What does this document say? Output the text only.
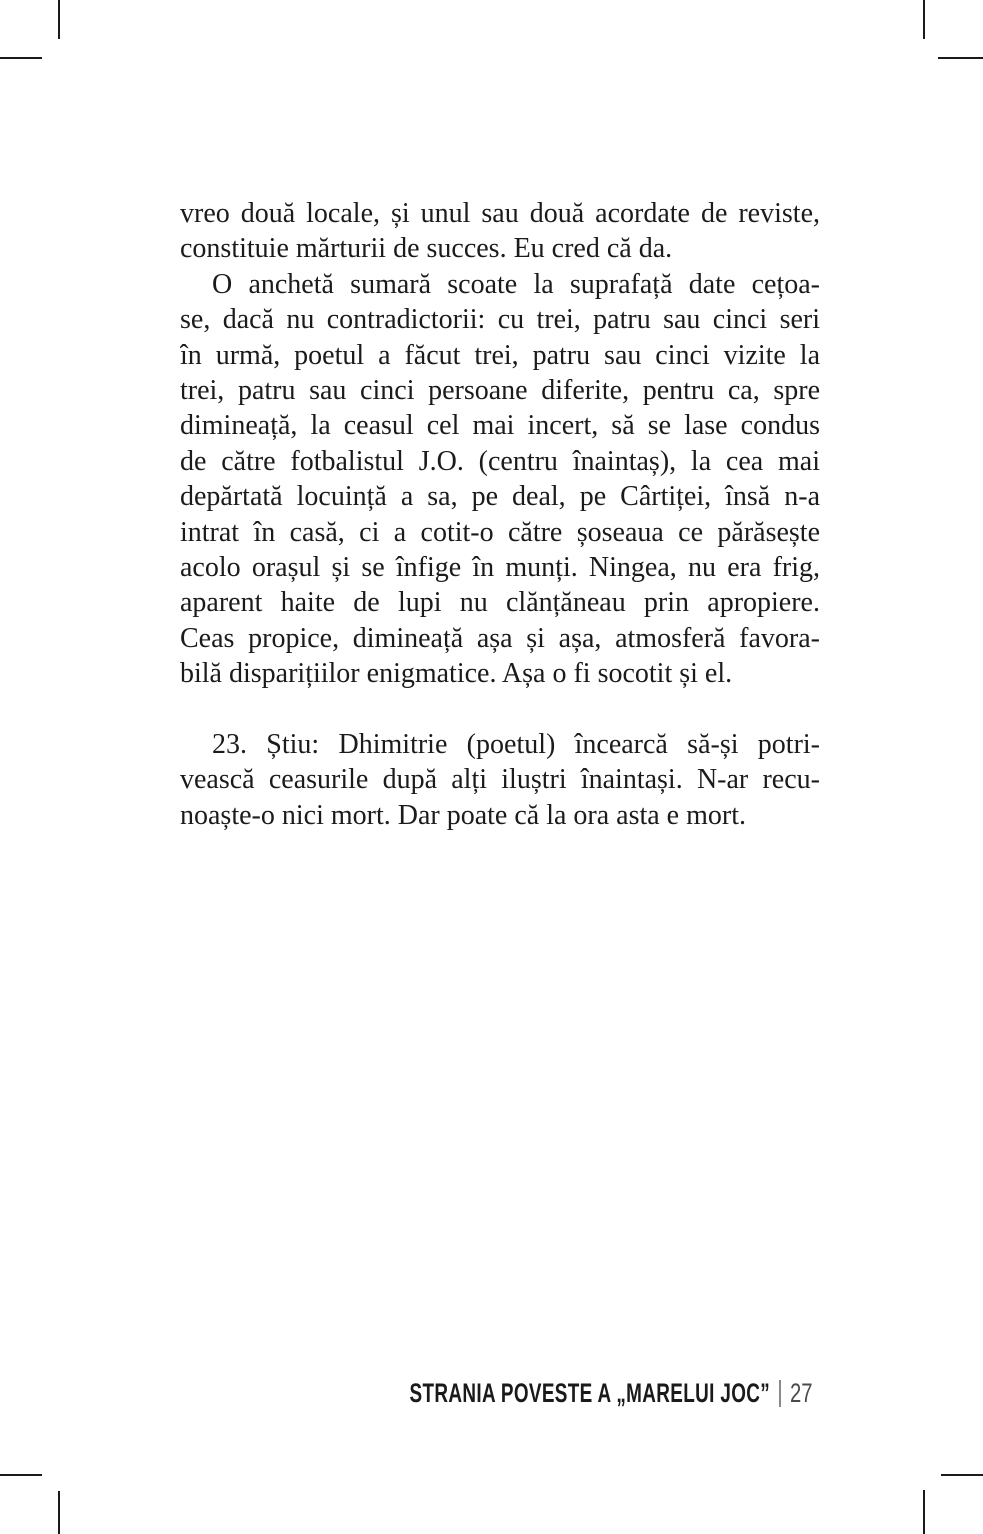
vreo două locale, și unul sau două acordate de reviste,

constituie mărturii de succes. Eu cred că da.

O anchetă sumară scoate la suprafață date cețoa-

se, dacă nu contradictorii: cu trei, patru sau cinci seri

în urmă, poetul a făcut trei, patru sau cinci vizite la

trei, patru sau cinci persoane diferite, pentru ca, spre

dimineață, la ceasul cel mai incert, să se lase condus

de către fotbalistul J.O. (centru înaintaș), la cea mai

depărtată locuință a sa, pe deal, pe Cârtiței, însă n-a

intrat în casă, ci a cotit-o către șoseaua ce părăsește

acolo orașul și se înfige în munți. Ningea, nu era frig,

aparent haite de lupi nu clănțăneau prin apropiere.

Ceas propice, dimineață așa și așa, atmosferă favora-

bilă disparițiilor enigmatice. Așa o fi socotit și el.

23. Știu: Dhimitrie (poetul) încearcă să-și potri-

vească ceasurile după alți iluștri înaintași. N-ar recu-

noaște-o nici mort. Dar poate că la ora asta e mort.

STRANIA POVESTE A „MARELUI JOC” 27
